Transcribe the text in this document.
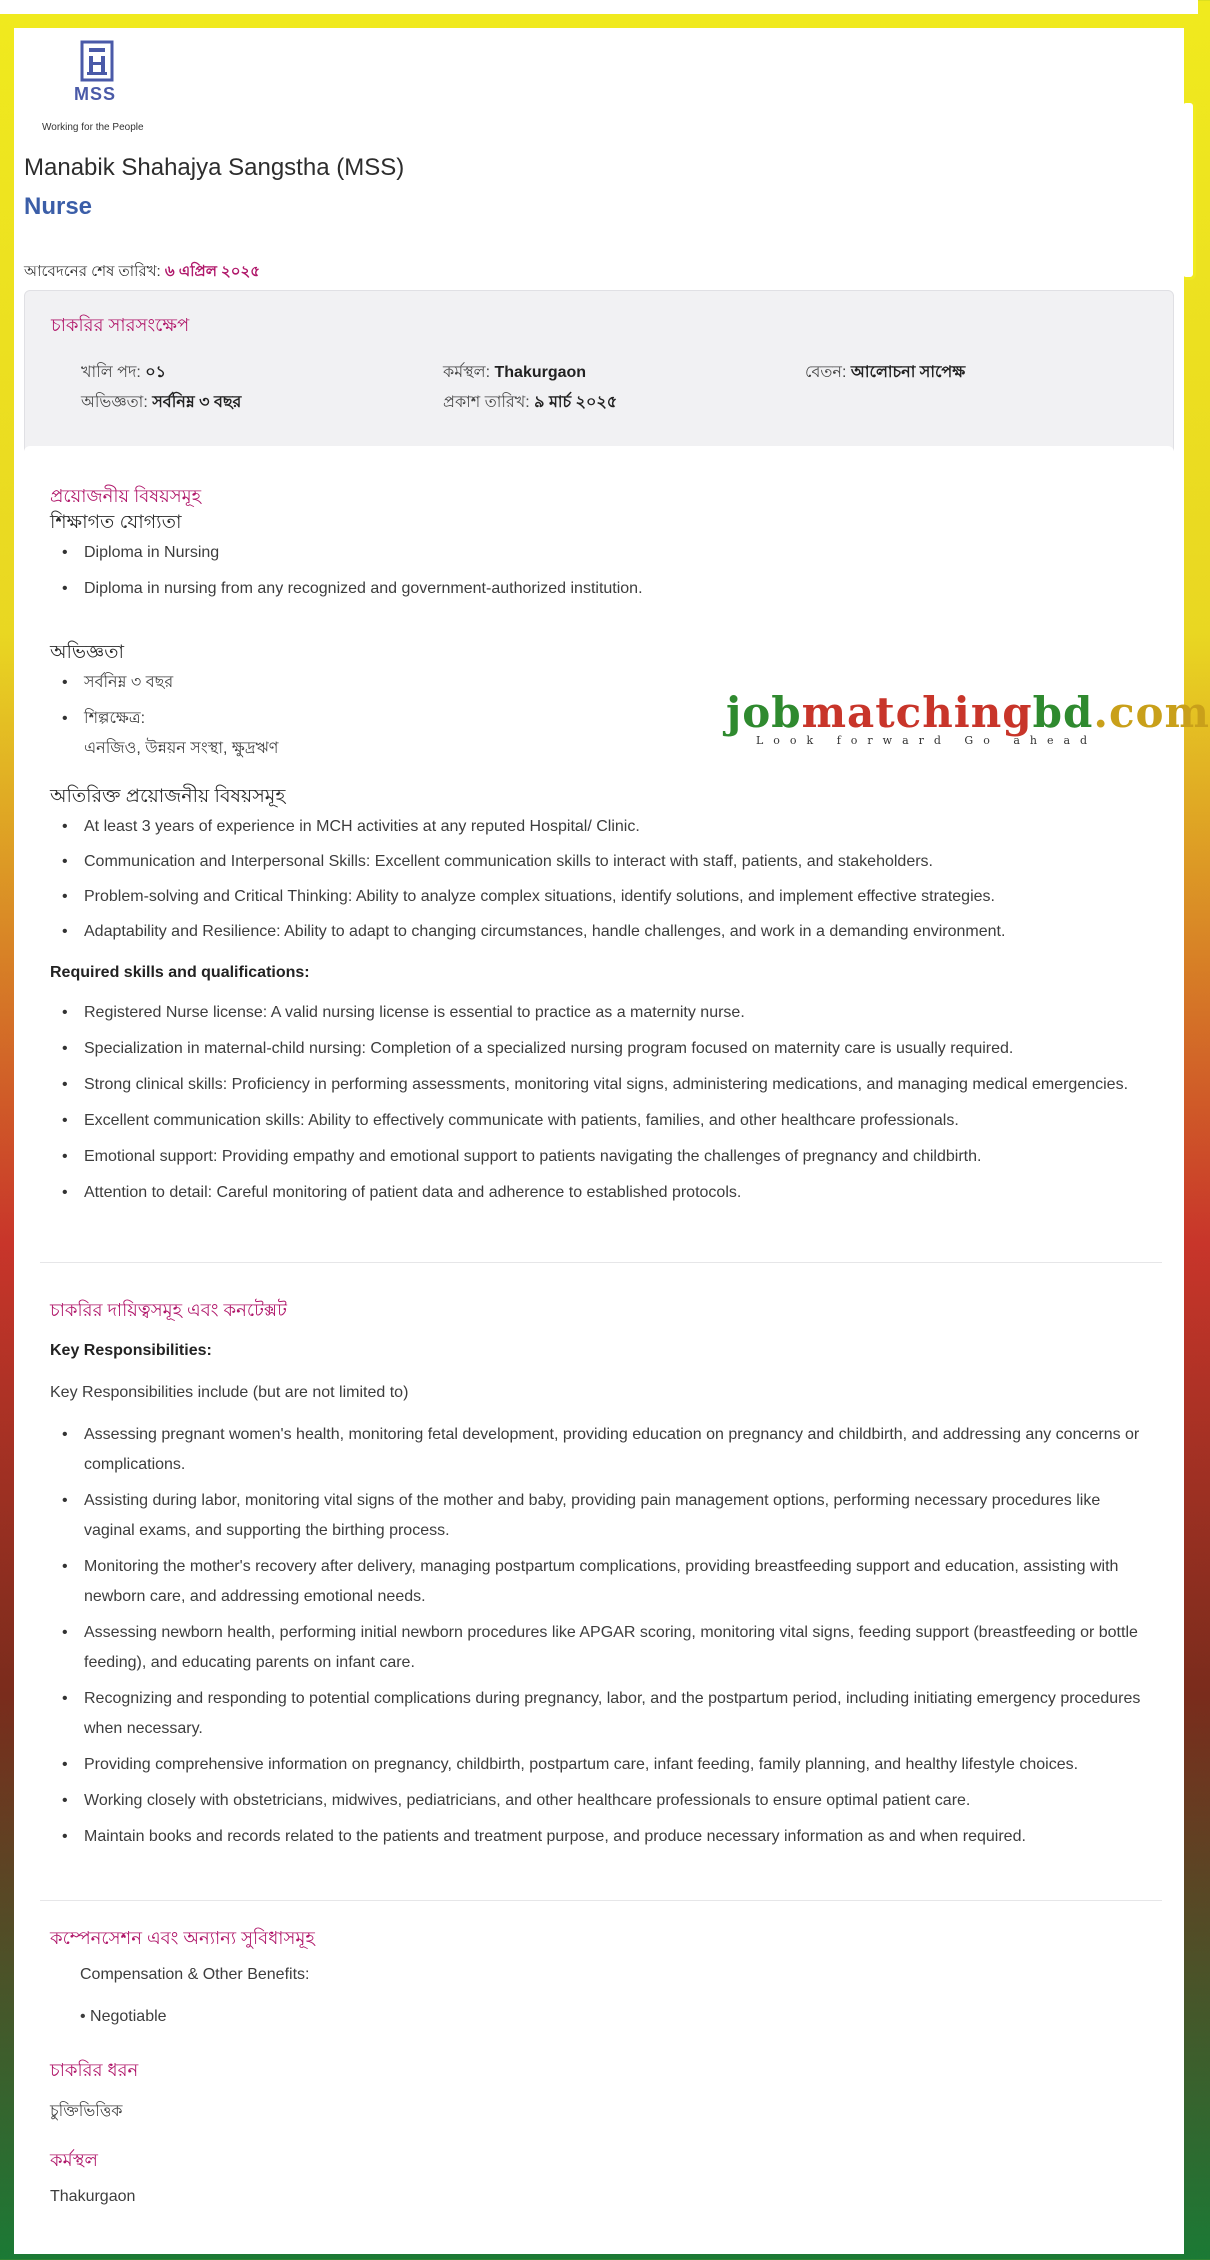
MSS
Working for the People
Manabik Shahajya Sangstha (MSS)
Nurse
আবেদনের শেষ তারিখ: ৬ এপ্রিল ২০২৫
চাকরির সারসংক্ষেপ
খালি পদ: ০১	কর্মস্থল: Thakurgaon	বেতন: আলোচনা সাপেক্ষ
অভিজ্ঞতা: সর্বনিম্ন ৩ বছর	প্রকাশ তারিখ: ৯ মার্চ ২০২৫
প্রয়োজনীয় বিষয়সমূহ
শিক্ষাগত যোগ্যতা
• Diploma in Nursing
• Diploma in nursing from any recognized and government-authorized institution.
অভিজ্ঞতা
• সর্বনিম্ন ৩ বছর
• শিল্পক্ষেত্র:
এনজিও, উন্নয়ন সংস্থা, ক্ষুদ্রঋণ
অতিরিক্ত প্রয়োজনীয় বিষয়সমূহ
• At least 3 years of experience in MCH activities at any reputed Hospital/ Clinic.
• Communication and Interpersonal Skills: Excellent communication skills to interact with staff, patients, and stakeholders.
• Problem-solving and Critical Thinking: Ability to analyze complex situations, identify solutions, and implement effective strategies.
• Adaptability and Resilience: Ability to adapt to changing circumstances, handle challenges, and work in a demanding environment.
Required skills and qualifications:
• Registered Nurse license: A valid nursing license is essential to practice as a maternity nurse.
• Specialization in maternal-child nursing: Completion of a specialized nursing program focused on maternity care is usually required.
• Strong clinical skills: Proficiency in performing assessments, monitoring vital signs, administering medications, and managing medical emergencies.
• Excellent communication skills: Ability to effectively communicate with patients, families, and other healthcare professionals.
• Emotional support: Providing empathy and emotional support to patients navigating the challenges of pregnancy and childbirth.
• Attention to detail: Careful monitoring of patient data and adherence to established protocols.
চাকরির দায়িত্বসমূহ এবং কনটেক্সট
Key Responsibilities:
Key Responsibilities include (but are not limited to)
• Assessing pregnant women's health, monitoring fetal development, providing education on pregnancy and childbirth, and addressing any concerns or complications.
• Assisting during labor, monitoring vital signs of the mother and baby, providing pain management options, performing necessary procedures like vaginal exams, and supporting the birthing process.
• Monitoring the mother's recovery after delivery, managing postpartum complications, providing breastfeeding support and education, assisting with newborn care, and addressing emotional needs.
• Assessing newborn health, performing initial newborn procedures like APGAR scoring, monitoring vital signs, feeding support (breastfeeding or bottle feeding), and educating parents on infant care.
• Recognizing and responding to potential complications during pregnancy, labor, and the postpartum period, including initiating emergency procedures when necessary.
• Providing comprehensive information on pregnancy, childbirth, postpartum care, infant feeding, family planning, and healthy lifestyle choices.
• Working closely with obstetricians, midwives, pediatricians, and other healthcare professionals to ensure optimal patient care.
• Maintain books and records related to the patients and treatment purpose, and produce necessary information as and when required.
কম্পেনসেশন এবং অন্যান্য সুবিধাসমূহ
Compensation & Other Benefits:
• Negotiable
চাকরির ধরন
চুক্তিভিত্তিক
কর্মস্থল
Thakurgaon
jobmatchingbd.com
Look forward Go ahead
